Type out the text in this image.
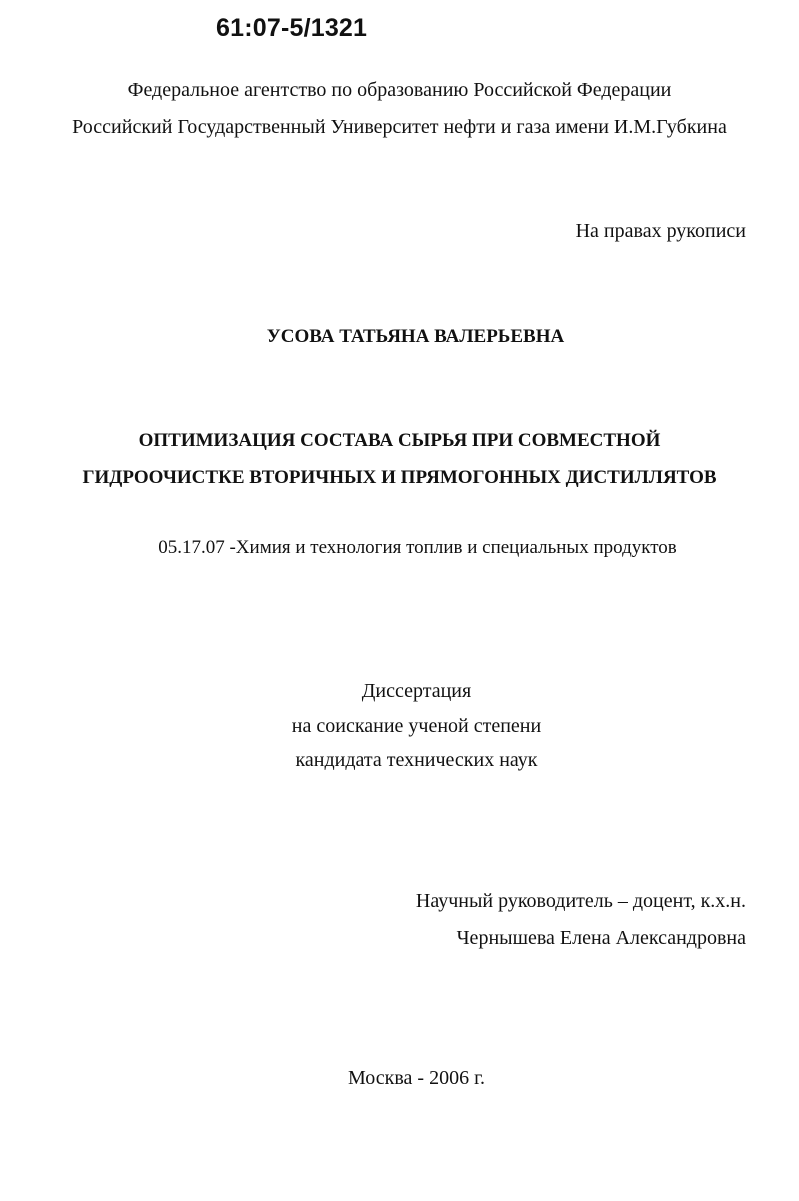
61:07-5/1321
Федеральное агентство по образованию Российской Федерации
Российский Государственный Университет нефти и газа имени И.М.Губкина
На правах рукописи
УСОВА ТАТЬЯНА ВАЛЕРЬЕВНА
ОПТИМИЗАЦИЯ СОСТАВА СЫРЬЯ ПРИ СОВМЕСТНОЙ
ГИДРООЧИСТКЕ ВТОРИЧНЫХ И ПРЯМОГОННЫХ ДИСТИЛЛЯТОВ
05.17.07 -Химия и технология топлив и специальных продуктов
Диссертация
на соискание ученой степени
кандидата технических наук
Научный руководитель – доцент, к.х.н.
Чернышева Елена Александровна
Москва - 2006 г.
